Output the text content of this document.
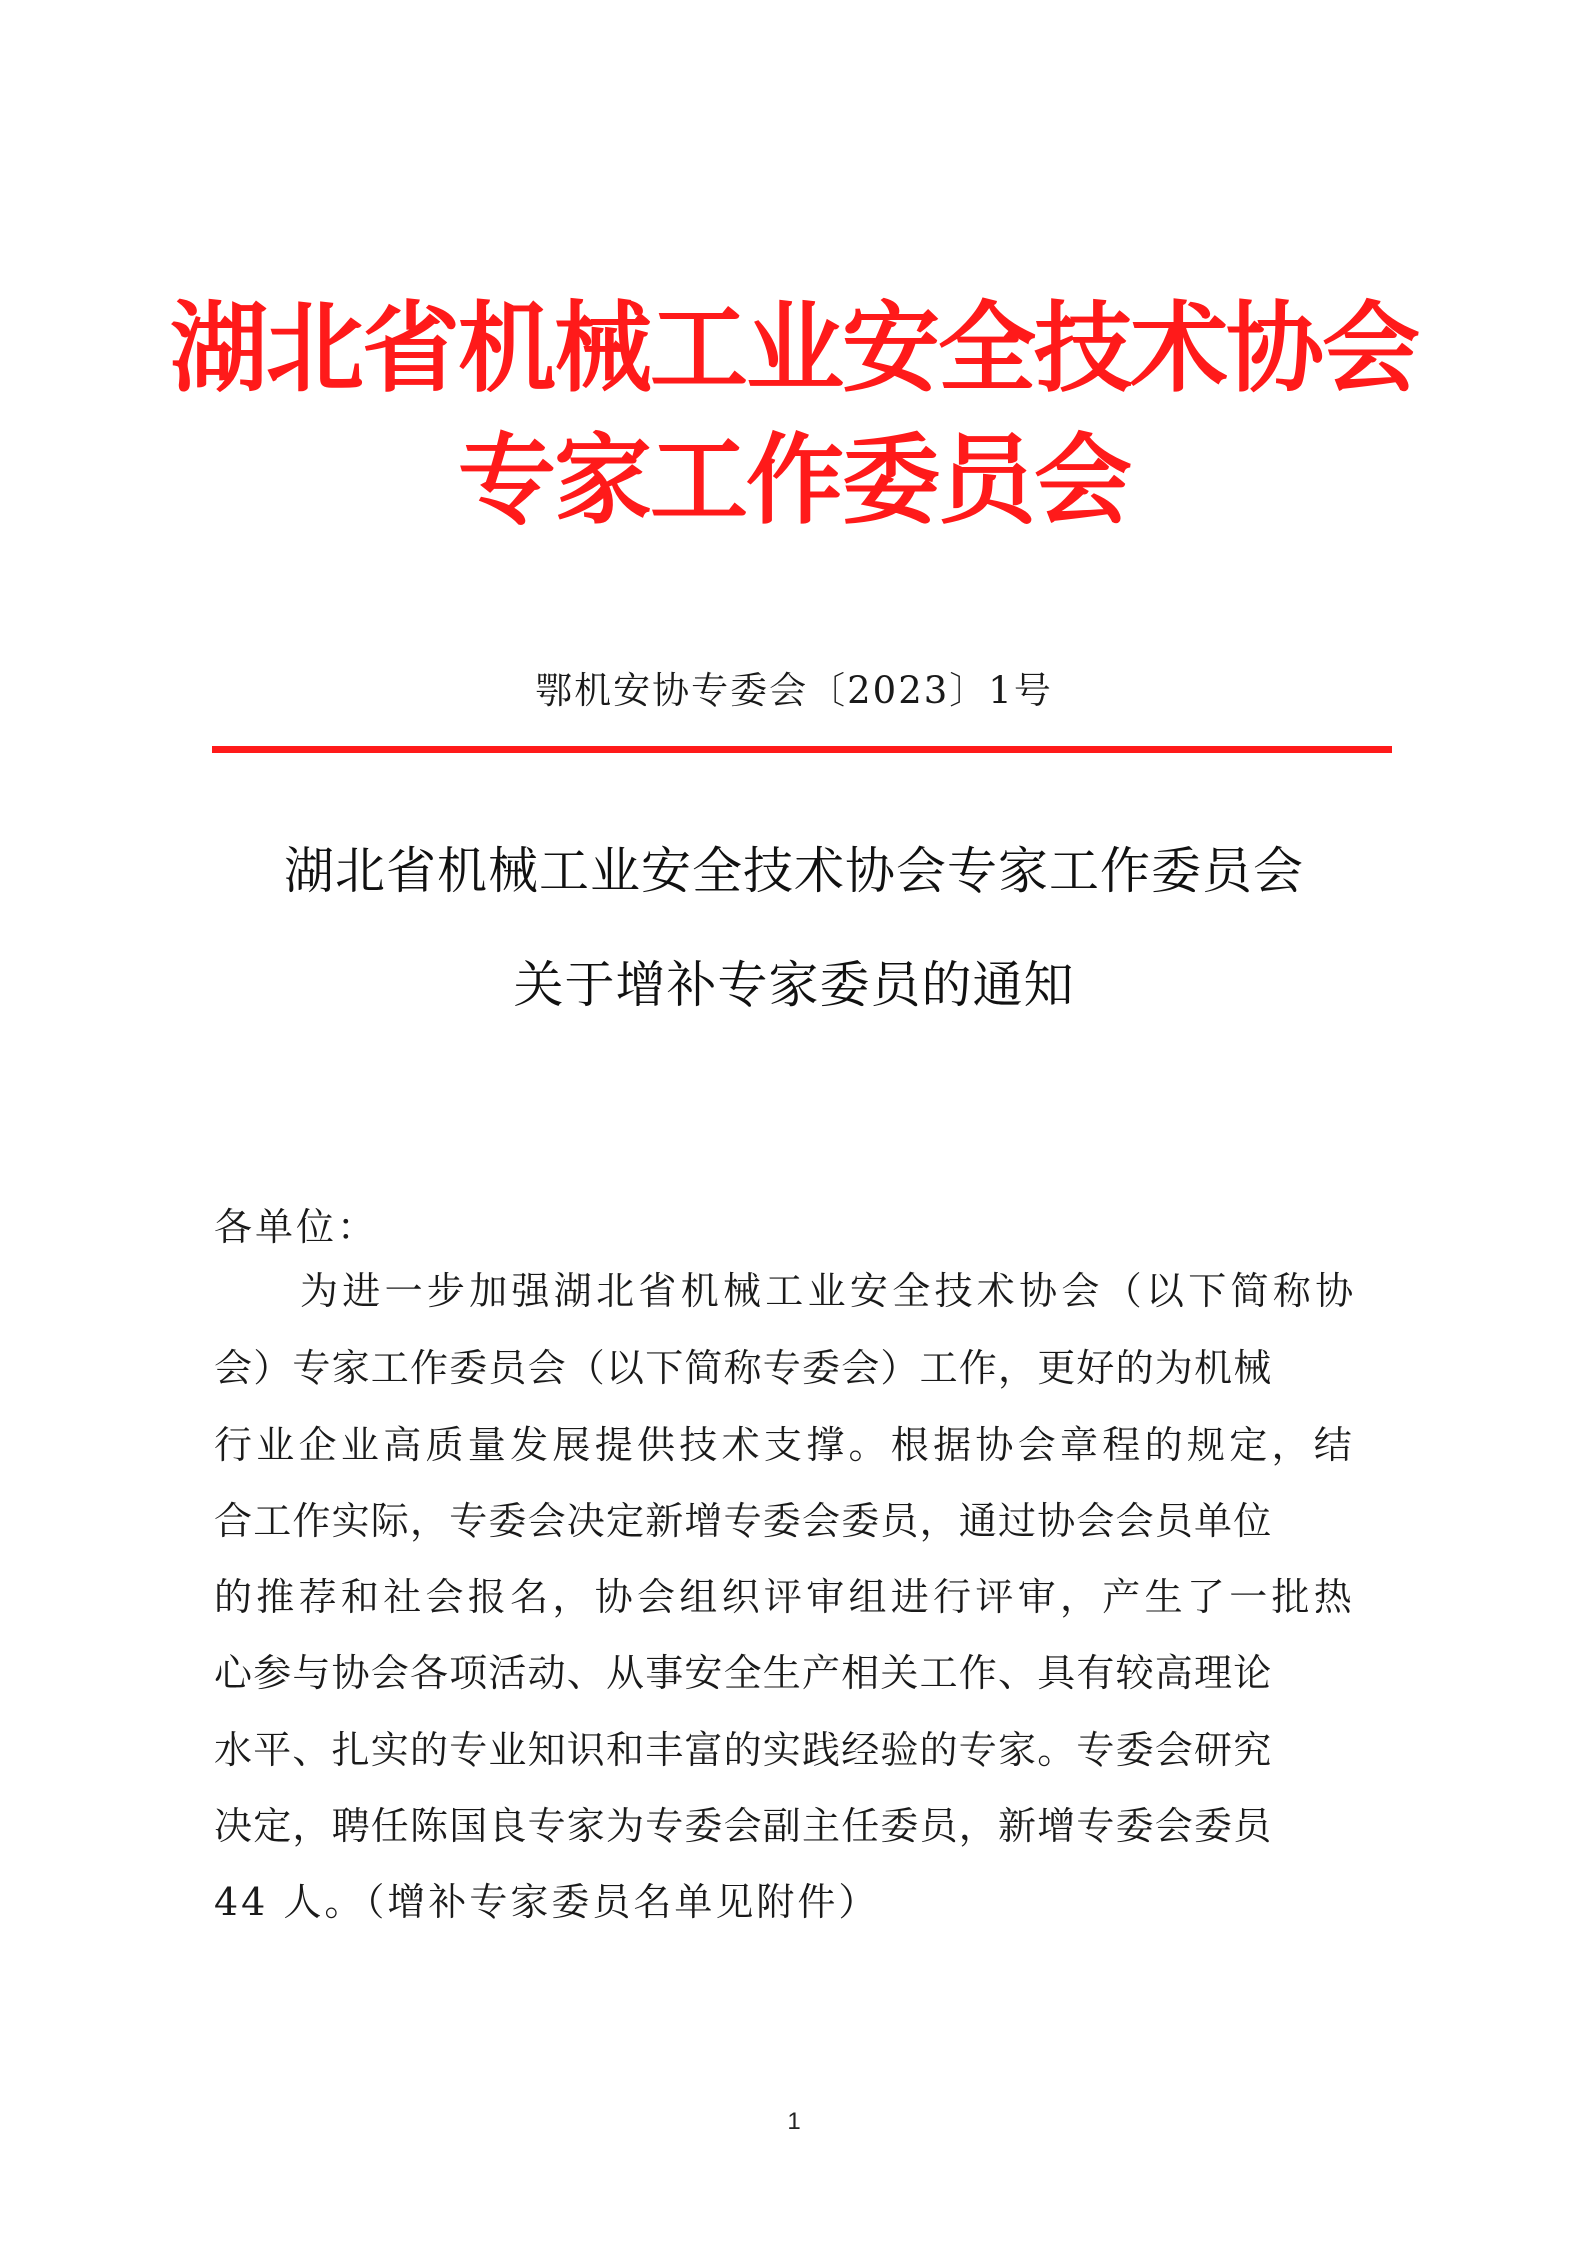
湖北省机械工业安全技术协会
专家工作委员会
鄂机安协专委会〔2023〕1号
湖北省机械工业安全技术协会专家工作委员会
关于增补专家委员的通知
各单位：
为进一步加强湖北省机械工业安全技术协会（以下简称协
会）专家工作委员会（以下简称专委会）工作，更好的为机械
行业企业高质量发展提供技术支撑。根据协会章程的规定，结
合工作实际，专委会决定新增专委会委员，通过协会会员单位
的推荐和社会报名，协会组织评审组进行评审，产生了一批热
心参与协会各项活动、从事安全生产相关工作、具有较高理论
水平、扎实的专业知识和丰富的实践经验的专家。专委会研究
决定，聘任陈国良专家为专委会副主任委员，新增专委会委员
44 人。（增补专家委员名单见附件）
1
